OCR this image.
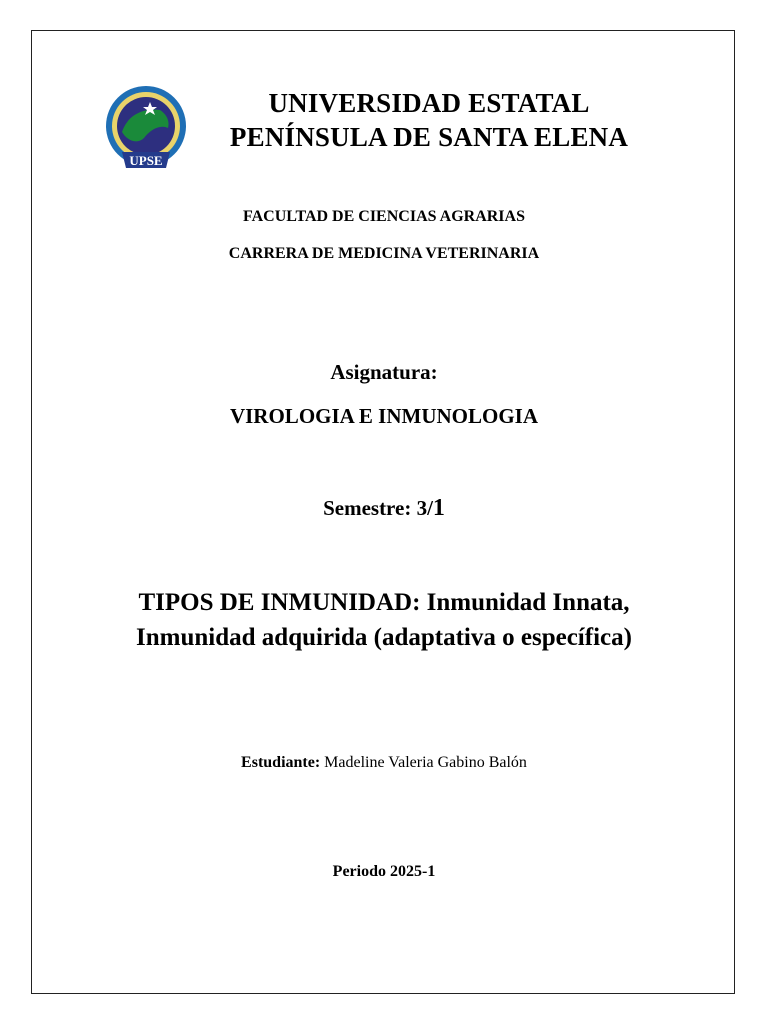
UPSE
UNIVERSIDAD ESTATAL
PENÍNSULA DE SANTA ELENA
FACULTAD DE CIENCIAS AGRARIAS
CARRERA DE MEDICINA VETERINARIA
Asignatura:
VIROLOGIA E INMUNOLOGIA
Semestre: 3/1
TIPOS DE INMUNIDAD: Inmunidad Innata, Inmunidad adquirida (adaptativa o específica)
Estudiante: Madeline Valeria Gabino Balón
Periodo 2025-1
